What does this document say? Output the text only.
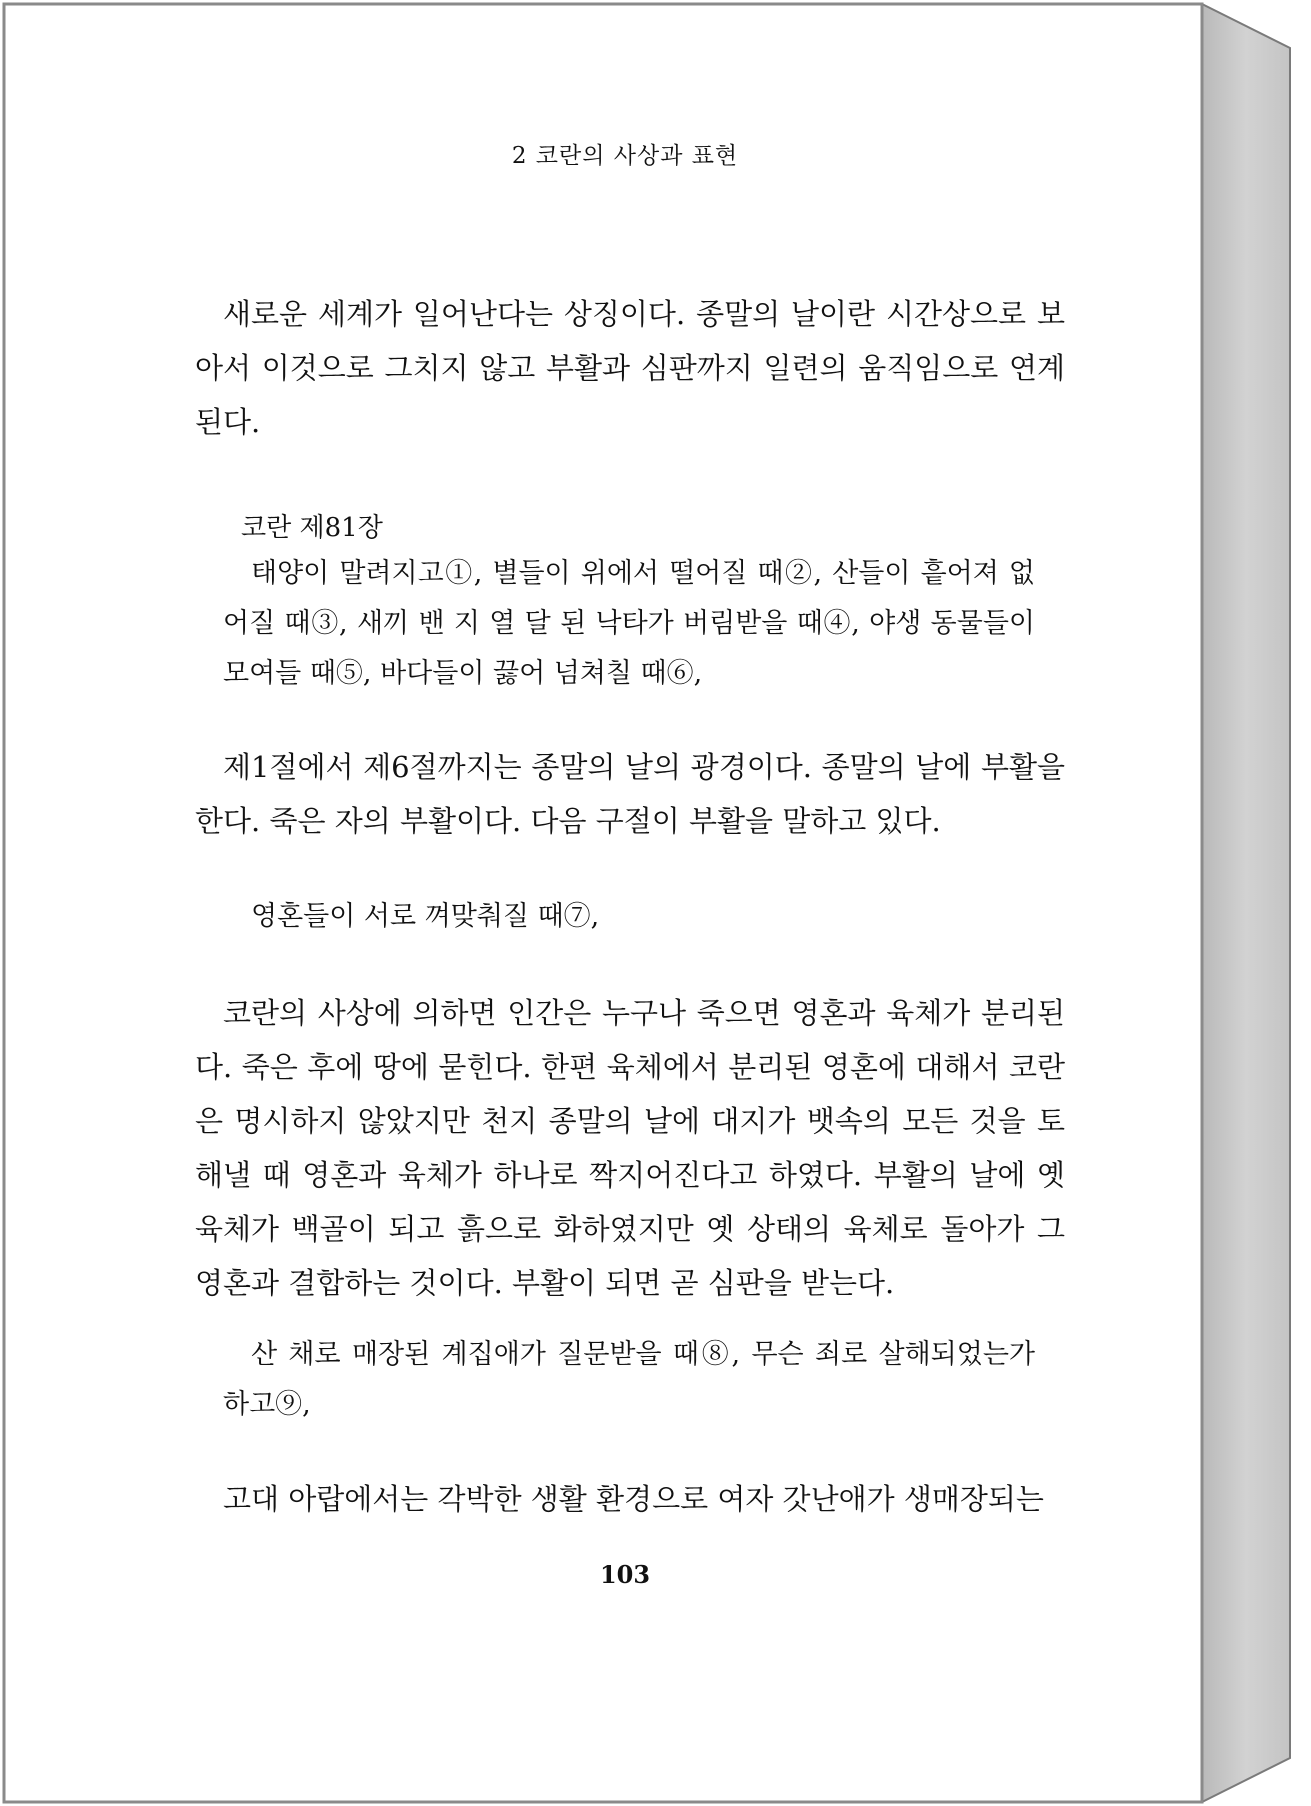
2 코란의 사상과 표현

새로운 세계가 일어난다는 상징이다. 종말의 날이란 시간상으로 보아서 이것으로 그치지 않고 부활과 심판까지 일련의 움직임으로 연계된다.

코란 제81장

태양이 말려지고①, 별들이 위에서 떨어질 때②, 산들이 흩어져 없어질 때③, 새끼 밴 지 열 달 된 낙타가 버림받을 때④, 야생 동물들이 모여들 때⑤, 바다들이 끓어 넘쳐칠 때⑥,

제1절에서 제6절까지는 종말의 날의 광경이다. 종말의 날에 부활을 한다. 죽은 자의 부활이다. 다음 구절이 부활을 말하고 있다.

영혼들이 서로 껴맞춰질 때⑦,

코란의 사상에 의하면 인간은 누구나 죽으면 영혼과 육체가 분리된다. 죽은 후에 땅에 묻힌다. 한편 육체에서 분리된 영혼에 대해서 코란은 명시하지 않았지만 천지 종말의 날에 대지가 뱃속의 모든 것을 토해낼 때 영혼과 육체가 하나로 짝지어진다고 하였다. 부활의 날에 옛 육체가 백골이 되고 흙으로 화하였지만 옛 상태의 육체로 돌아가 그 영혼과 결합하는 것이다. 부활이 되면 곧 심판을 받는다.

산 채로 매장된 계집애가 질문받을 때⑧, 무슨 죄로 살해되었는가 하고⑨,

고대 아랍에서는 각박한 생활 환경으로 여자 갓난애가 생매장되는

103
